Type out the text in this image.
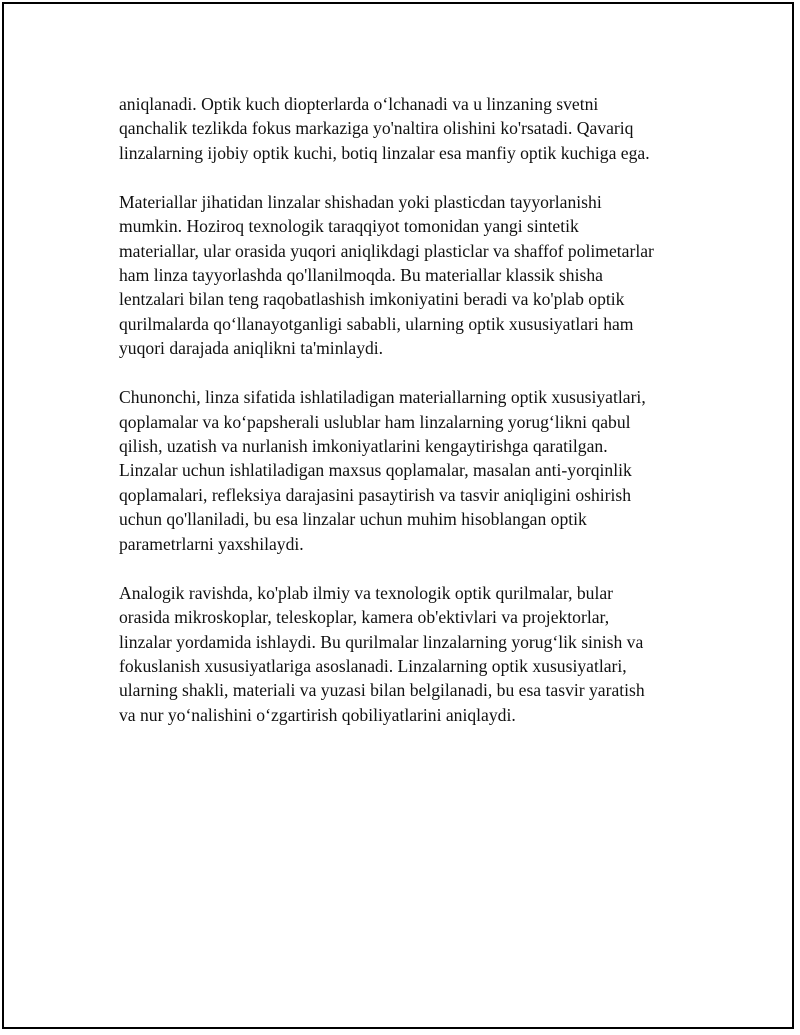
aniqlanadi. Optik kuch diopterlarda oʻlchanadi va u linzaning svetni
qanchalik tezlikda fokus markaziga yo'naltira olishini ko'rsatadi. Qavariq
linzalarning ijobiy optik kuchi, botiq linzalar esa manfiy optik kuchiga ega.

Materiallar jihatidan linzalar shishadan yoki plasticdan tayyorlanishi
mumkin. Hoziroq texnologik taraqqiyot tomonidan yangi sintetik
materiallar, ular orasida yuqori aniqlikdagi plasticlar va shaffof polimetarlar
ham linza tayyorlashda qo'llanilmoqda. Bu materiallar klassik shisha
lentzalari bilan teng raqobatlashish imkoniyatini beradi va ko'plab optik
qurilmalarda qoʻllanayotganligi sababli, ularning optik xususiyatlari ham
yuqori darajada aniqlikni ta'minlaydi.

Chunonchi, linza sifatida ishlatiladigan materiallarning optik xususiyatlari,
qoplamalar va koʻpapsherali uslublar ham linzalarning yorugʻlikni qabul
qilish, uzatish va nurlanish imkoniyatlarini kengaytirishga qaratilgan.
Linzalar uchun ishlatiladigan maxsus qoplamalar, masalan anti-yorqinlik
qoplamalari, refleksiya darajasini pasaytirish va tasvir aniqligini oshirish
uchun qo'llaniladi, bu esa linzalar uchun muhim hisoblangan optik
parametrlarni yaxshilaydi.

Analogik ravishda, ko'plab ilmiy va texnologik optik qurilmalar, bular
orasida mikroskoplar, teleskoplar, kamera ob'ektivlari va projektorlar,
linzalar yordamida ishlaydi. Bu qurilmalar linzalarning yorugʻlik sinish va
fokuslanish xususiyatlariga asoslanadi. Linzalarning optik xususiyatlari,
ularning shakli, materiali va yuzasi bilan belgilanadi, bu esa tasvir yaratish
va nur yoʻnalishini oʻzgartirish qobiliyatlarini aniqlaydi.
